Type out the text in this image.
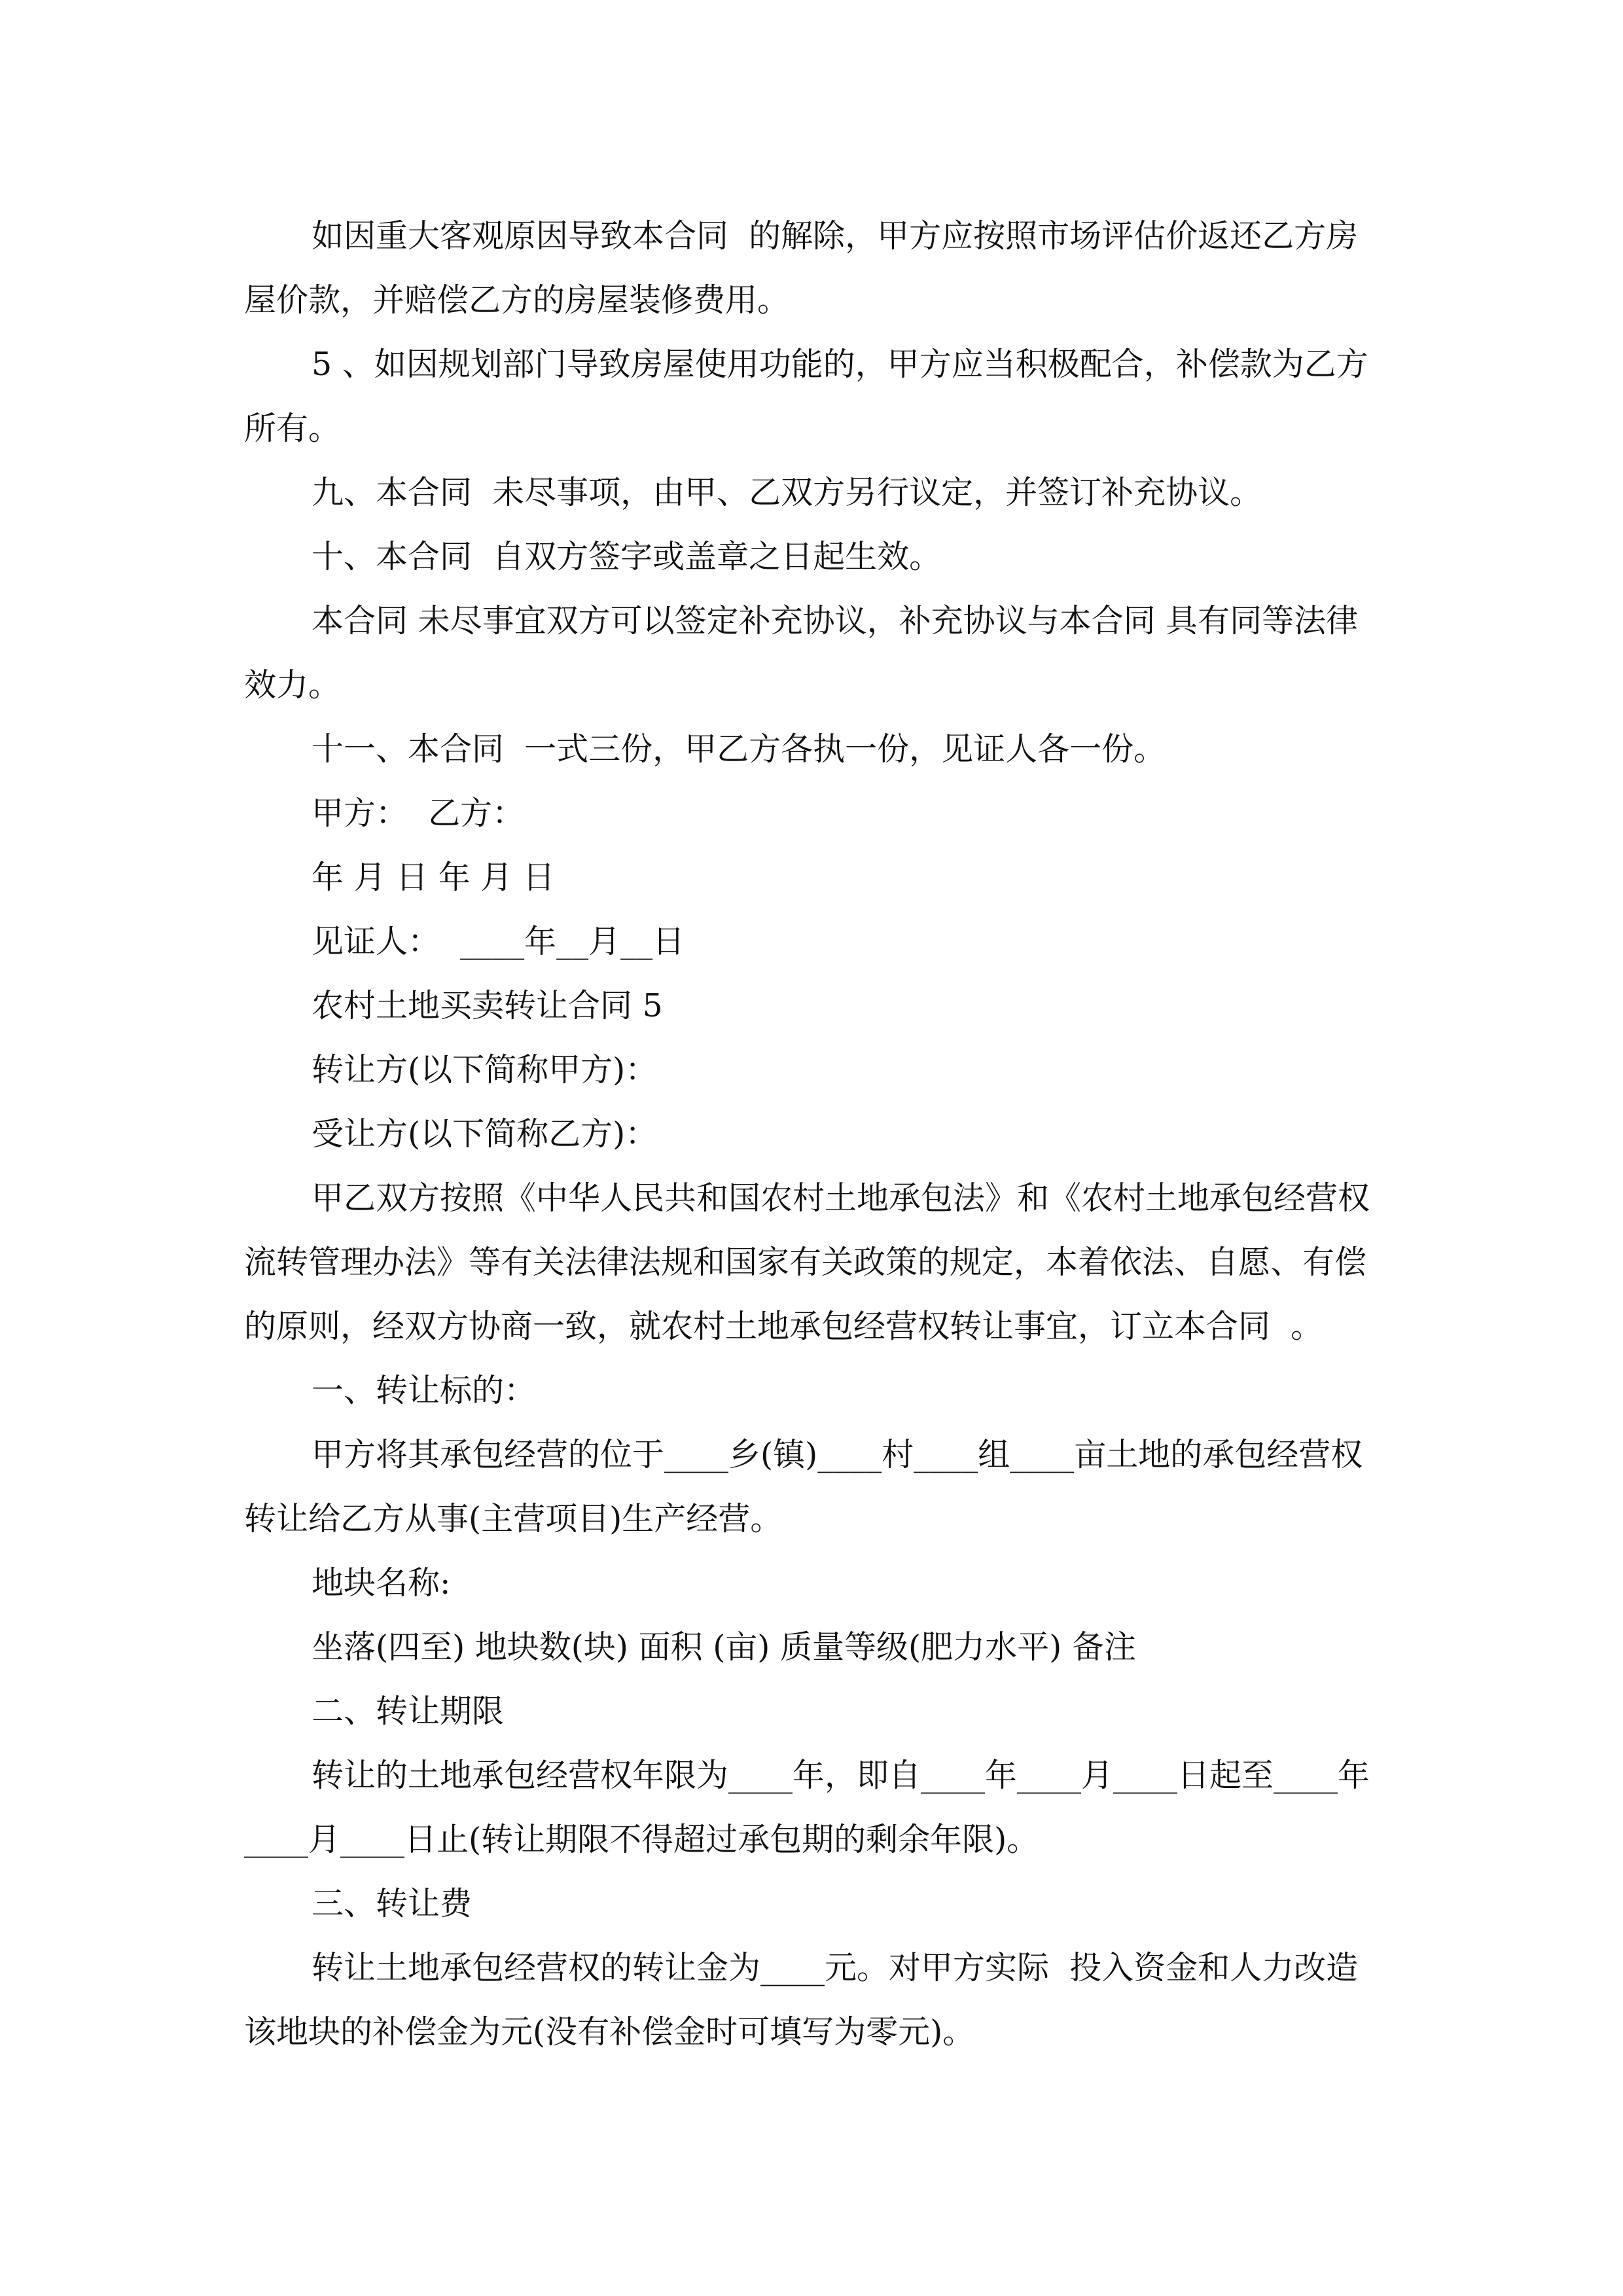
如因重大客观原因导致本合同  的解除，甲方应按照市场评估价返还乙方房屋价款，并赔偿乙方的房屋装修费用。

5 、如因规划部门导致房屋使用功能的，甲方应当积极配合，补偿款为乙方所有。

九、本合同  未尽事项，由甲、乙双方另行议定，并签订补充协议。

十、本合同  自双方签字或盖章之日起生效。

本合同 未尽事宜双方可以签定补充协议，补充协议与本合同 具有同等法律效力。

十一、本合同  一式三份，甲乙方各执一份，见证人各一份。

甲方：  乙方：

年 月 日 年 月 日

见证人：  ____年__月__日

农村土地买卖转让合同 5

转让方(以下简称甲方)：

受让方(以下简称乙方)：

甲乙双方按照《中华人民共和国农村土地承包法》和《农村土地承包经营权流转管理办法》等有关法律法规和国家有关政策的规定，本着依法、自愿、有偿的原则，经双方协商一致，就农村土地承包经营权转让事宜，订立本合同  。

一、转让标的：

甲方将其承包经营的位于____乡(镇)____村____组____亩土地的承包经营权转让给乙方从事(主营项目)生产经营。

地块名称:

坐落(四至) 地块数(块) 面积 (亩) 质量等级(肥力水平) 备注

二、转让期限

转让的土地承包经营权年限为____年，即自____年____月____日起至____年____月____日止(转让期限不得超过承包期的剩余年限)。

三、转让费

转让土地承包经营权的转让金为____元。对甲方实际  投入资金和人力改造该地块的补偿金为元(没有补偿金时可填写为零元)。
